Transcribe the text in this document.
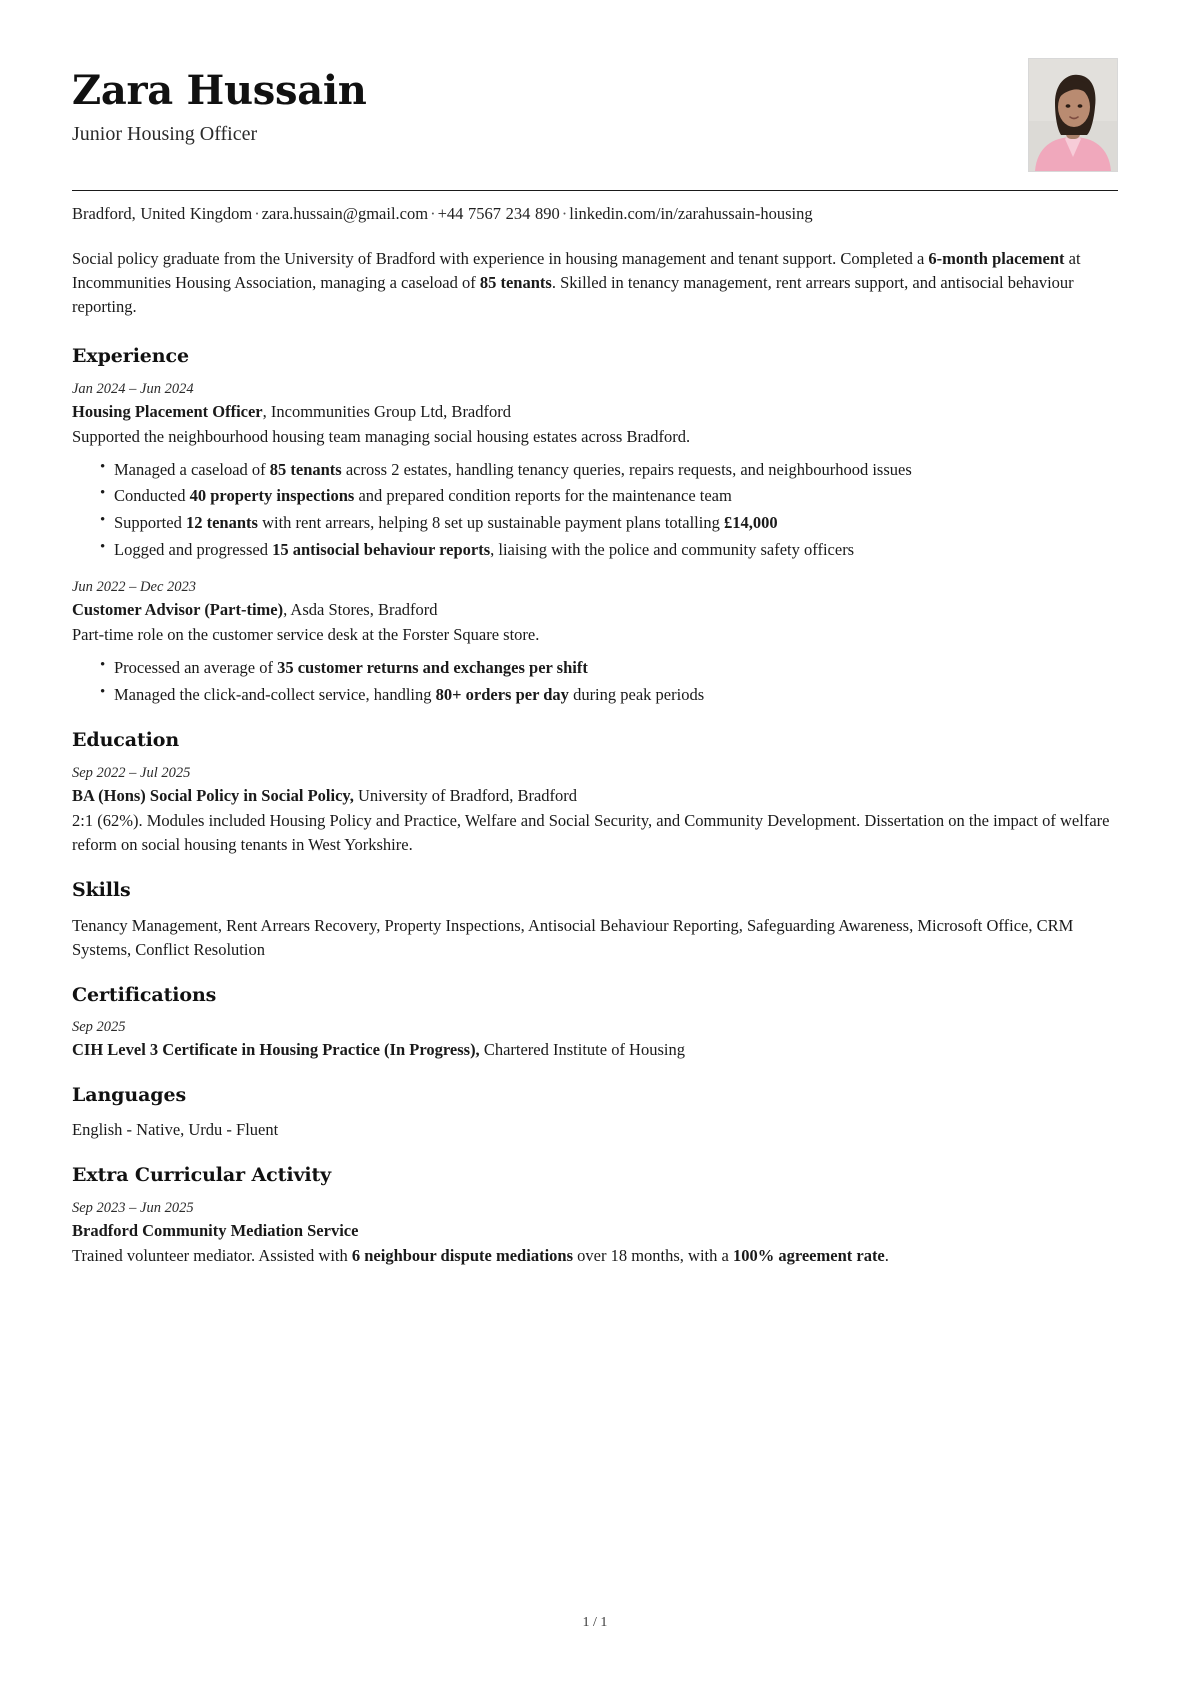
Zara Hussain

Junior Housing Officer

Bradford, United Kingdom · zara.hussain@gmail.com · +44 7567 234 890 · linkedin.com/in/zarahussain-housing

Social policy graduate from the University of Bradford with experience in housing management and tenant support. Completed a 6-month placement at Incommunities Housing Association, managing a caseload of 85 tenants. Skilled in tenancy management, rent arrears support, and antisocial behaviour reporting.

Experience

Jan 2024 – Jun 2024

Housing Placement Officer, Incommunities Group Ltd, Bradford

Supported the neighbourhood housing team managing social housing estates across Bradford.

• Managed a caseload of 85 tenants across 2 estates, handling tenancy queries, repairs requests, and neighbourhood issues
• Conducted 40 property inspections and prepared condition reports for the maintenance team
• Supported 12 tenants with rent arrears, helping 8 set up sustainable payment plans totalling £14,000
• Logged and progressed 15 antisocial behaviour reports, liaising with the police and community safety officers

Jun 2022 – Dec 2023

Customer Advisor (Part-time), Asda Stores, Bradford

Part-time role on the customer service desk at the Forster Square store.

• Processed an average of 35 customer returns and exchanges per shift
• Managed the click-and-collect service, handling 80+ orders per day during peak periods
Education

Sep 2022 – Jul 2025

BA (Hons) Social Policy in Social Policy, University of Bradford, Bradford

2:1 (62%). Modules included Housing Policy and Practice, Welfare and Social Security, and Community Development. Dissertation on the impact of welfare reform on social housing tenants in West Yorkshire.

Skills

Tenancy Management, Rent Arrears Recovery, Property Inspections, Antisocial Behaviour Reporting, Safeguarding Awareness, Microsoft Office, CRM Systems, Conflict Resolution

Certifications

Sep 2025

CIH Level 3 Certificate in Housing Practice (In Progress), Chartered Institute of Housing

Languages

English - Native, Urdu - Fluent

Extra Curricular Activity

Sep 2023 – Jun 2025

Bradford Community Mediation Service

Trained volunteer mediator. Assisted with 6 neighbour dispute mediations over 18 months, with a 100% agreement rate.

1 / 1
